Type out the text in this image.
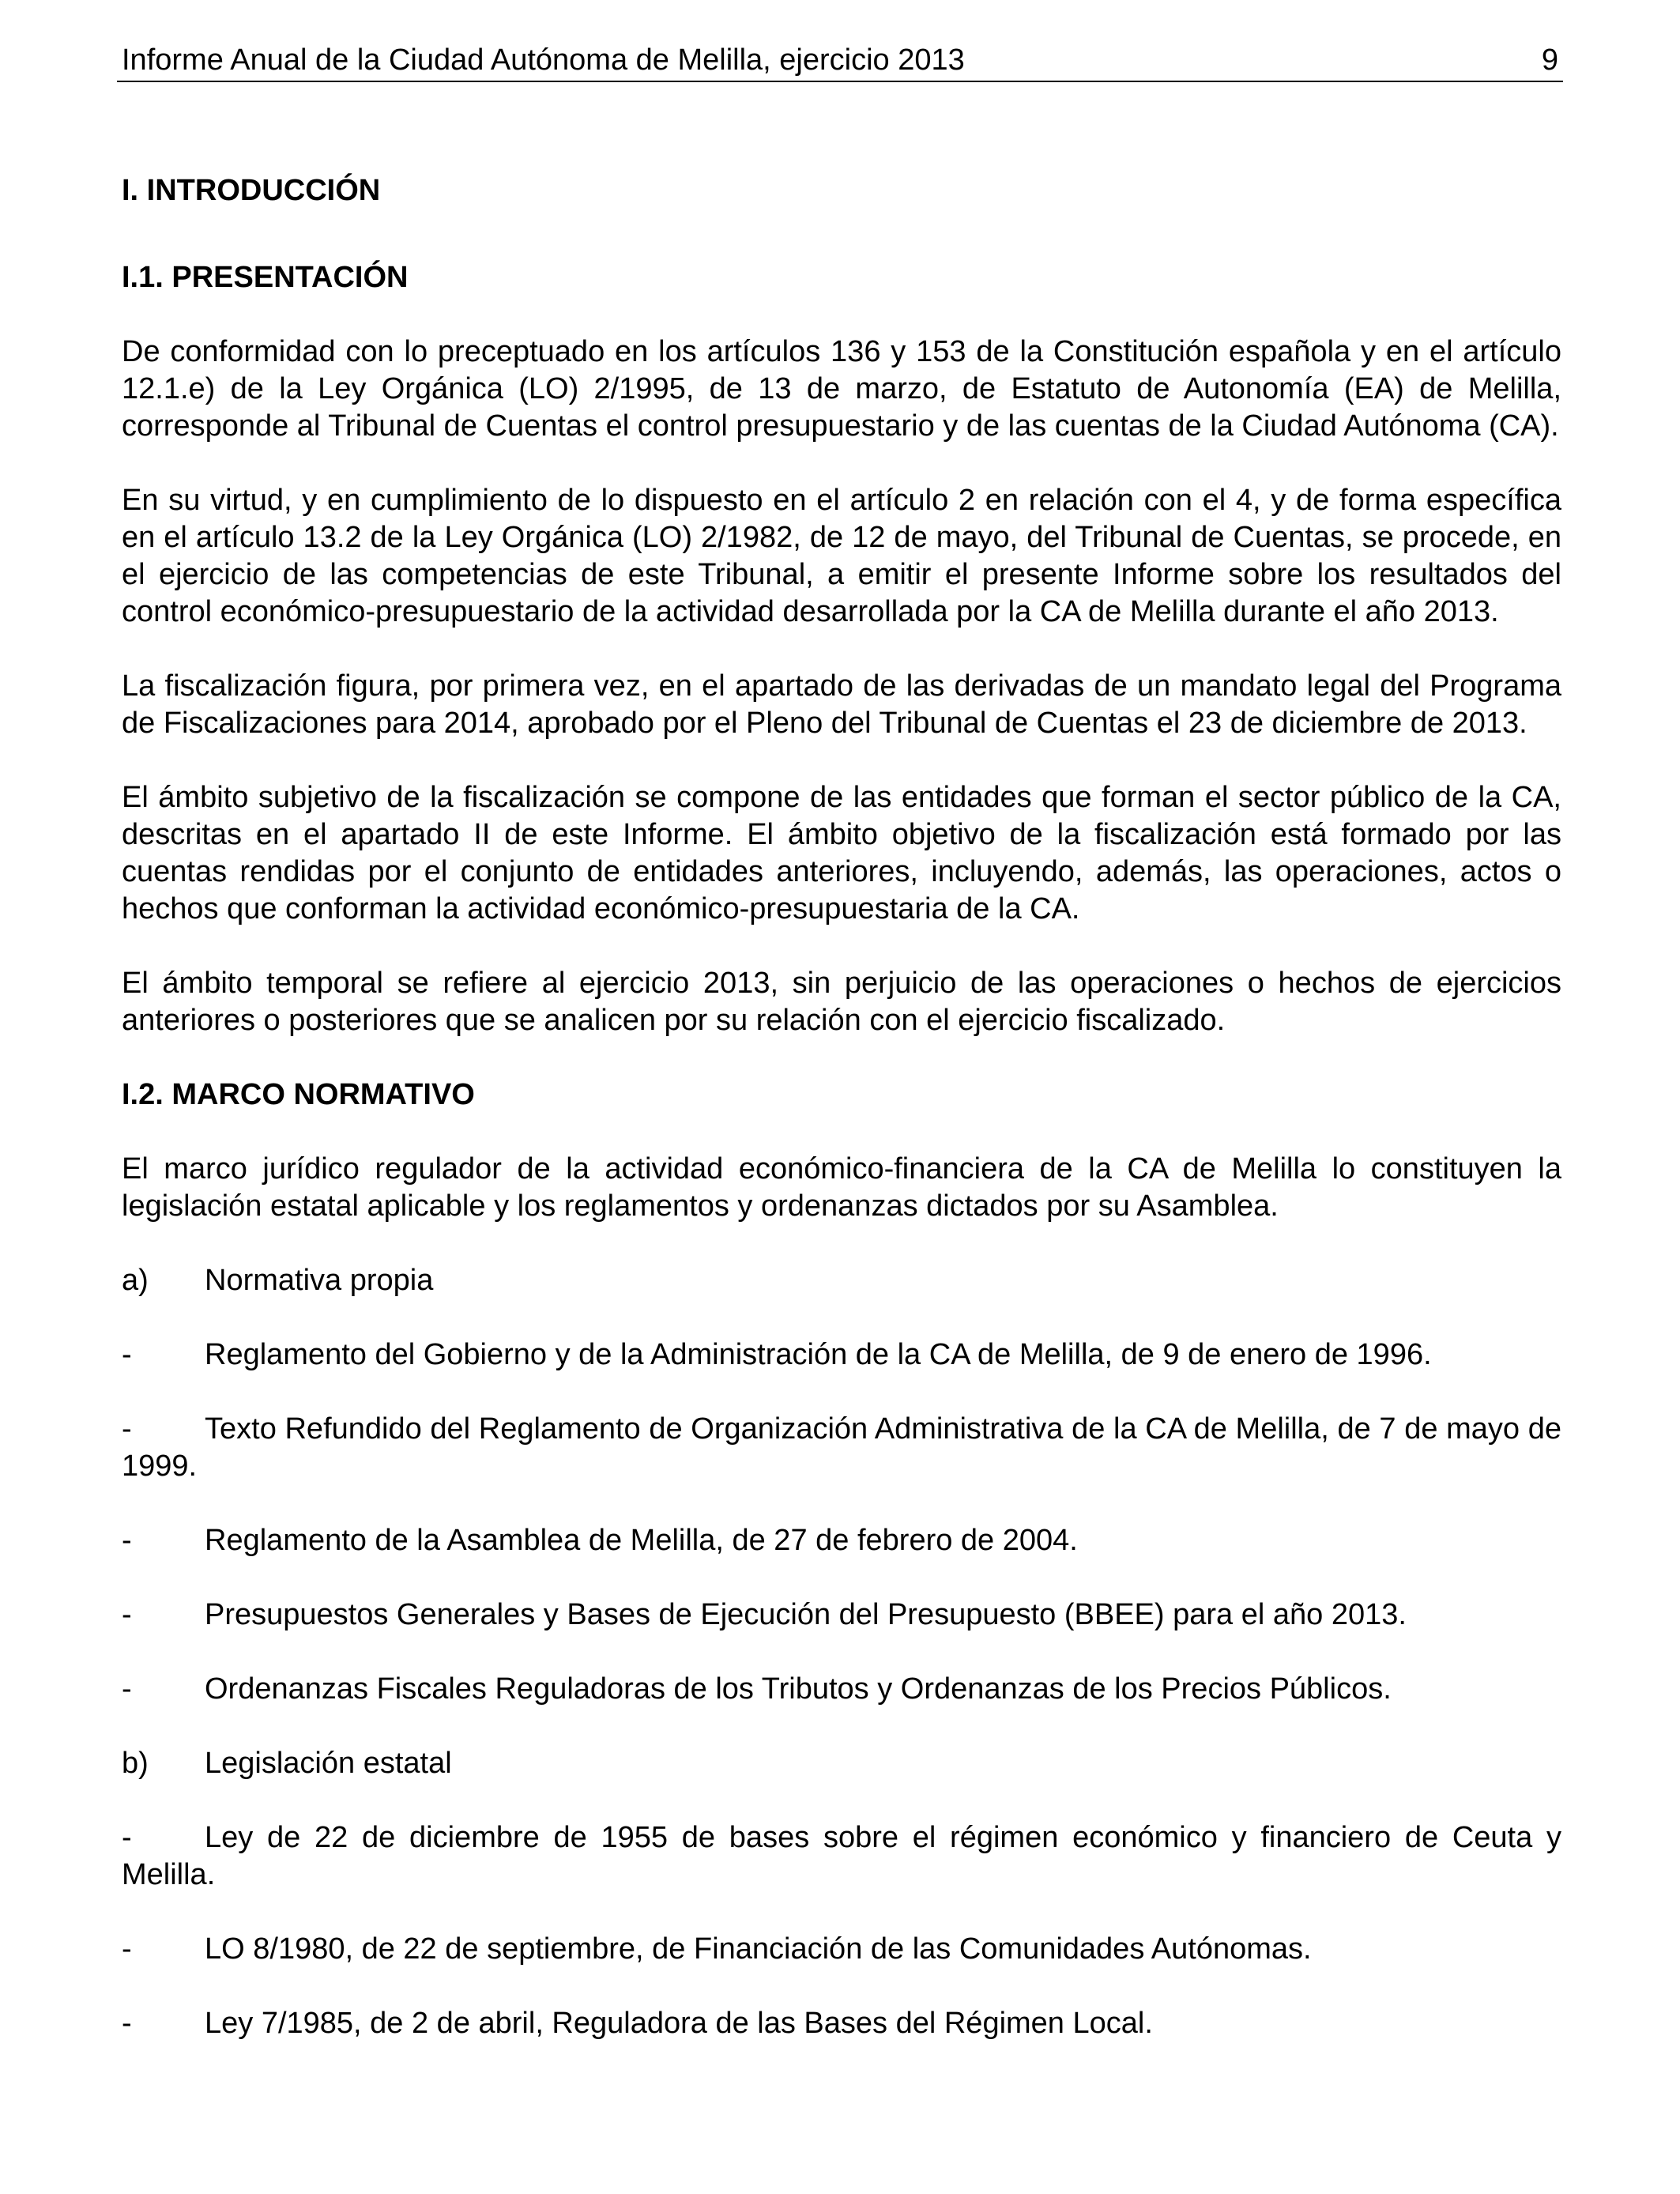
Informe Anual de la Ciudad Autónoma de Melilla, ejercicio 2013	9
I. INTRODUCCIÓN
I.1. PRESENTACIÓN

De conformidad con lo preceptuado en los artículos 136 y 153 de la Constitución española y en el artículo 12.1.e) de la Ley Orgánica (LO) 2/1995, de 13 de marzo, de Estatuto de Autonomía (EA) de Melilla, corresponde al Tribunal de Cuentas el control presupuestario y de las cuentas de la Ciudad Autónoma (CA).

En su virtud, y en cumplimiento de lo dispuesto en el artículo 2 en relación con el 4, y de forma específica en el artículo 13.2 de la Ley Orgánica (LO) 2/1982, de 12 de mayo, del Tribunal de Cuentas, se procede, en el ejercicio de las competencias de este Tribunal, a emitir el presente Informe sobre los resultados del control económico-presupuestario de la actividad desarrollada por la CA de Melilla durante el año 2013.

La fiscalización figura, por primera vez, en el apartado de las derivadas de un mandato legal del Programa de Fiscalizaciones para 2014, aprobado por el Pleno del Tribunal de Cuentas el 23 de diciembre de 2013.

El ámbito subjetivo de la fiscalización se compone de las entidades que forman el sector público de la CA, descritas en el apartado II de este Informe. El ámbito objetivo de la fiscalización está formado por las cuentas rendidas por el conjunto de entidades anteriores, incluyendo, además, las operaciones, actos o hechos que conforman la actividad económico-presupuestaria de la CA.

El ámbito temporal se refiere al ejercicio 2013, sin perjuicio de las operaciones o hechos de ejercicios anteriores o posteriores que se analicen por su relación con el ejercicio fiscalizado.

I.2. MARCO NORMATIVO

El marco jurídico regulador de la actividad económico-financiera de la CA de Melilla lo constituyen la legislación estatal aplicable y los reglamentos y ordenanzas dictados por su Asamblea.

a) Normativa propia
- Reglamento del Gobierno y de la Administración de la CA de Melilla, de 9 de enero de 1996.
- Texto Refundido del Reglamento de Organización Administrativa de la CA de Melilla, de 7 de mayo de 1999.
- Reglamento de la Asamblea de Melilla, de 27 de febrero de 2004.
- Presupuestos Generales y Bases de Ejecución del Presupuesto (BBEE) para el año 2013.
- Ordenanzas Fiscales Reguladoras de los Tributos y Ordenanzas de los Precios Públicos.
b) Legislación estatal
- Ley de 22 de diciembre de 1955 de bases sobre el régimen económico y financiero de Ceuta y Melilla.
- LO 8/1980, de 22 de septiembre, de Financiación de las Comunidades Autónomas.
- Ley 7/1985, de 2 de abril, Reguladora de las Bases del Régimen Local.
